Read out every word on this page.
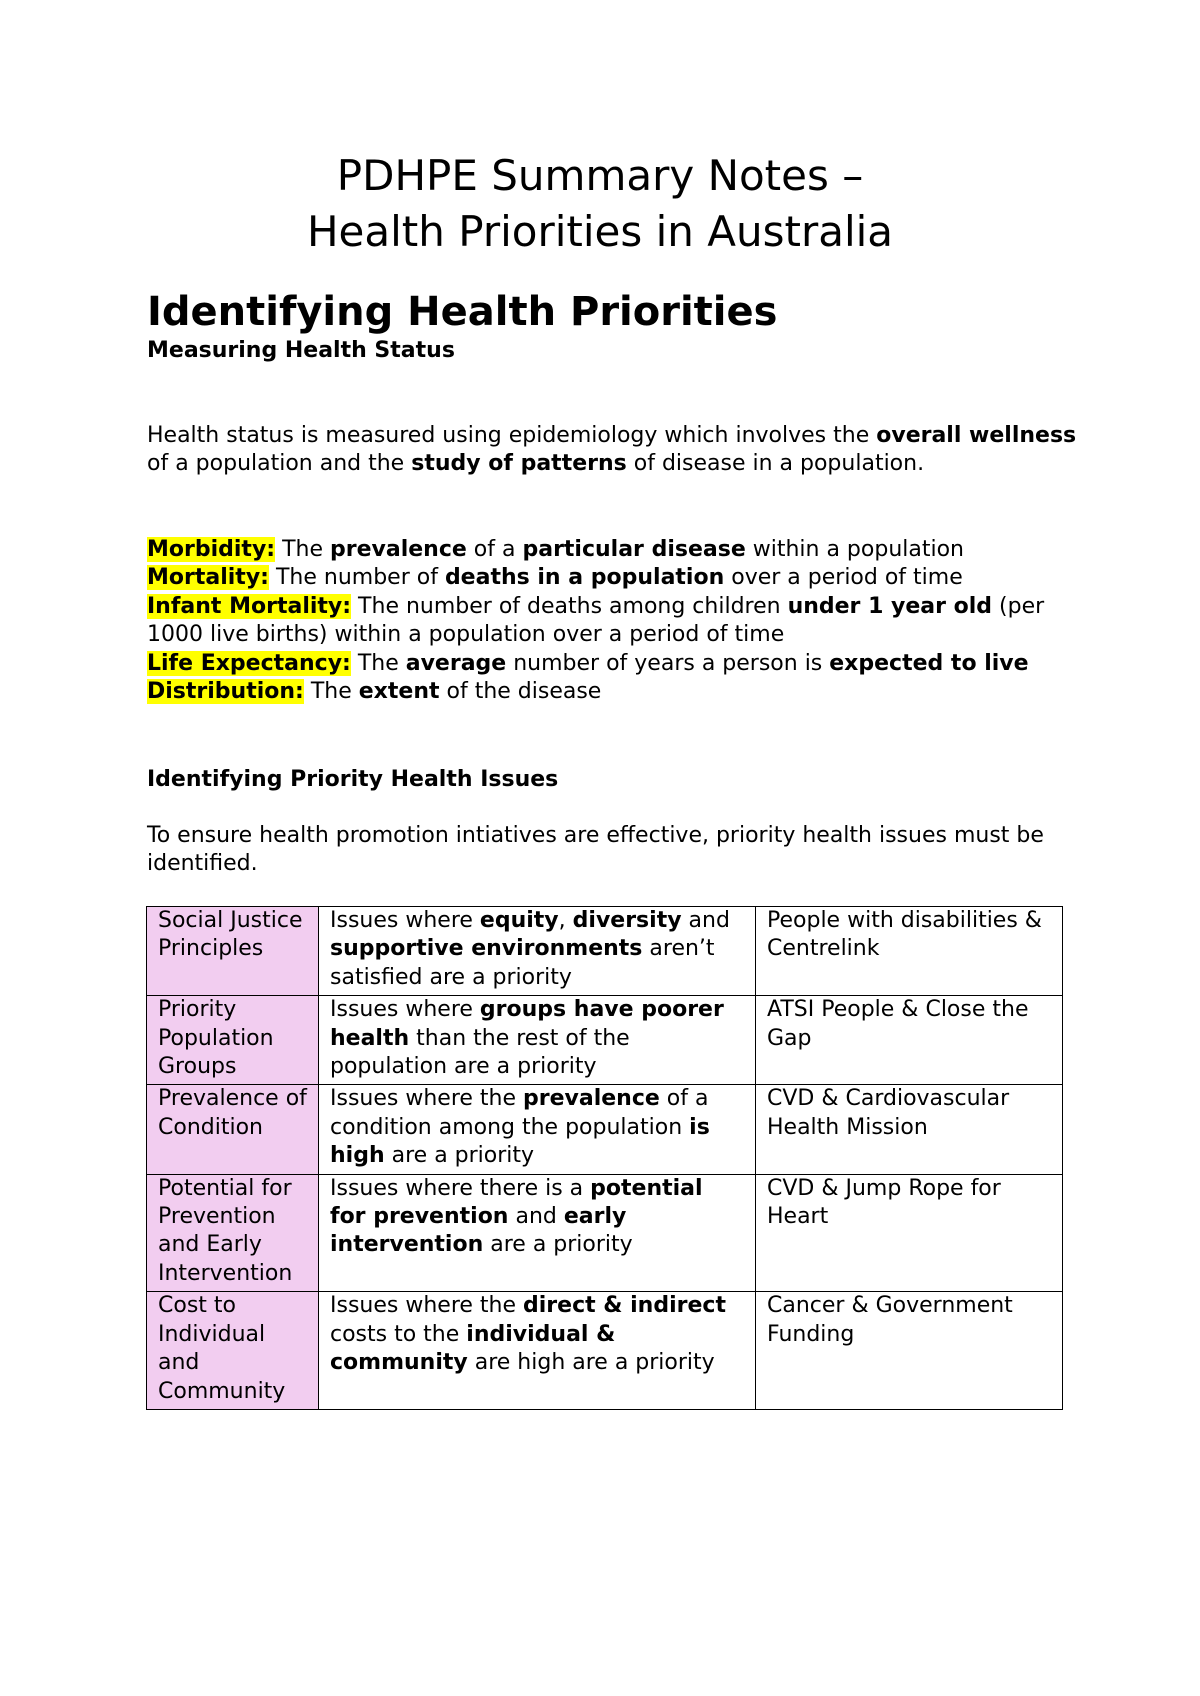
PDHPE Summary Notes –
Health Priorities in Australia
Identifying Health Priorities
Measuring Health Status

Health status is measured using epidemiology which involves the overall wellness of a population and the study of patterns of disease in a population.

Morbidity: The prevalence of a particular disease within a population
Mortality: The number of deaths in a population over a period of time
Infant Mortality: The number of deaths among children under 1 year old (per 1000 live births) within a population over a period of time
Life Expectancy: The average number of years a person is expected to live
Distribution: The extent of the disease
Identifying Priority Health Issues

To ensure health promotion intiatives are effective, priority health issues must be identified.

Social Justice Principles	Issues where equity, diversity and supportive environments aren’t satisfied are a priority	People with disabilities & Centrelink
Priority Population Groups	Issues where groups have poorer health than the rest of the population are a priority	ATSI People & Close the Gap
Prevalence of Condition	Issues where the prevalence of a condition among the population is high are a priority	CVD & Cardiovascular Health Mission
Potential for Prevention and Early Intervention	Issues where there is a potential for prevention and early intervention are a priority	CVD & Jump Rope for Heart
Cost to Individual and Community	Issues where the direct & indirect costs to the individual & community are high are a priority	Cancer & Government Funding
